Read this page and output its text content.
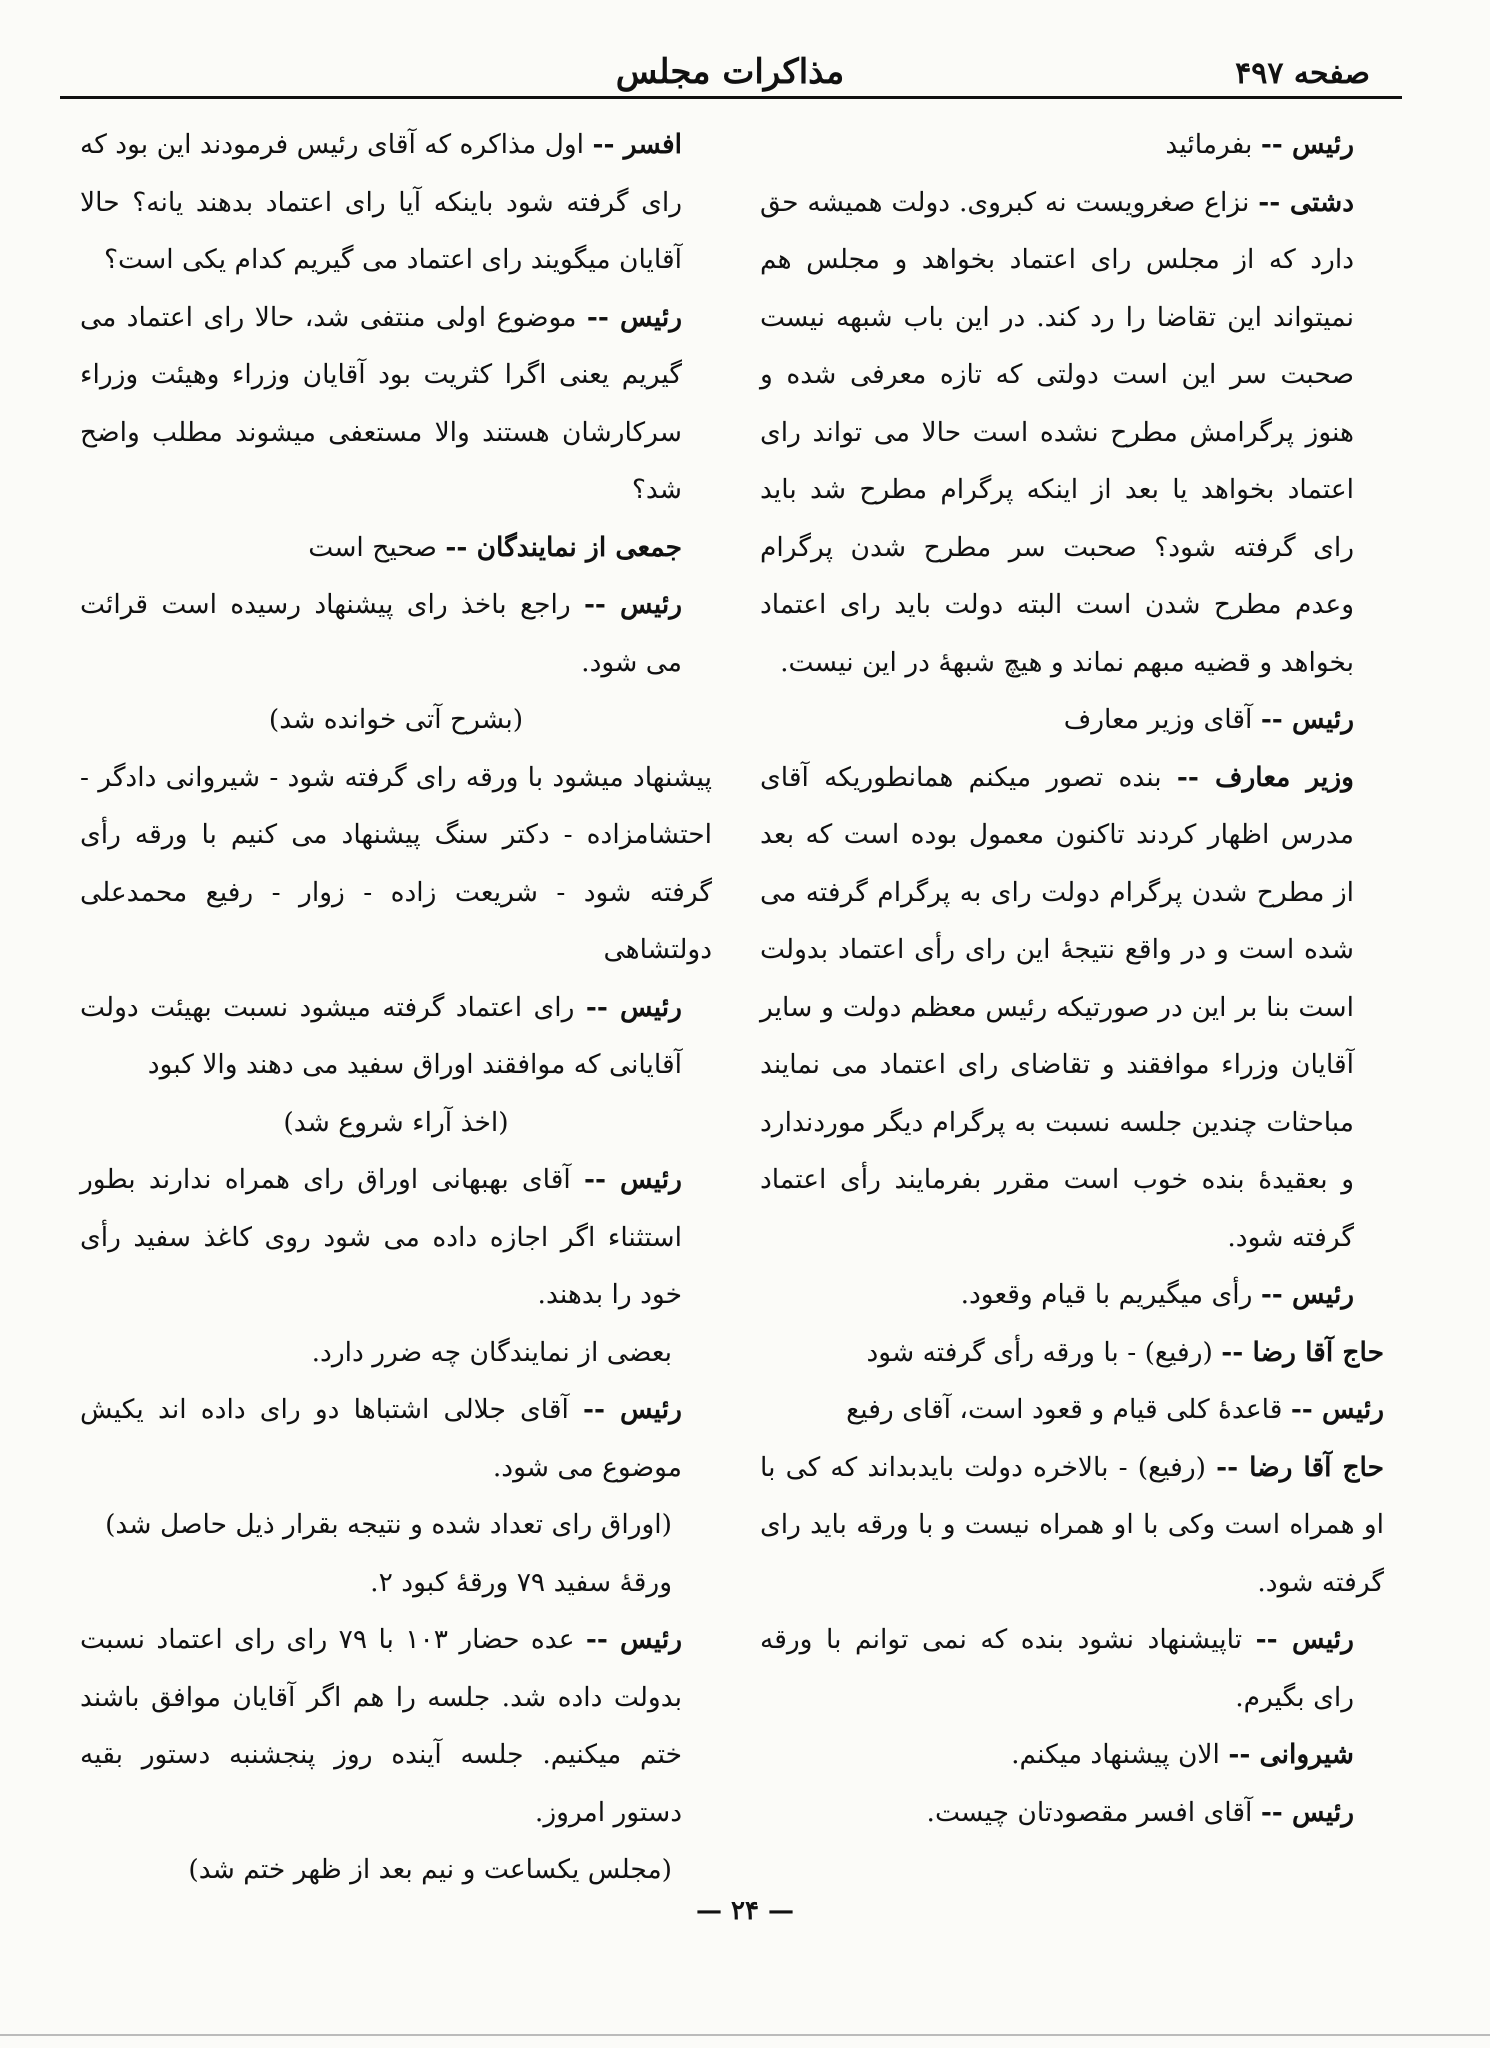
صفحه ۴۹۷
مذاکرات مجلس

رئیس -- بفرمائید

دشتی -- نزاع صغرویست نه کبروی. دولت همیشه حق دارد که از مجلس رای اعتماد بخواهد و مجلس هم نمیتواند این تقاضا را رد کند. در این باب شبهه نیست صحبت سر این است دولتی که تازه معرفی شده و هنوز پرگرامش مطرح نشده است حالا می تواند رای اعتماد بخواهد یا بعد از اینکه پرگرام مطرح شد باید رای گرفته شود؟ صحبت سر مطرح شدن پرگرام وعدم مطرح شدن است البته دولت باید رای اعتماد بخواهد و قضیه مبهم نماند و هیچ شبهۀ در این نیست.

رئیس -- آقای وزیر معارف

وزیر معارف -- بنده تصور میکنم همانطوریکه آقای مدرس اظهار کردند تاکنون معمول بوده است که بعد از مطرح شدن پرگرام دولت رای به پرگرام گرفته می شده است و در واقع نتیجۀ این رای رأی اعتماد بدولت است بنا بر این در صورتیکه رئیس معظم دولت و سایر آقایان وزراء موافقند و تقاضای رای اعتماد می نمایند مباحثات چندین جلسه نسبت به پرگرام دیگر موردندارد و بعقیدۀ بنده خوب است مقرر بفرمایند رأی اعتماد گرفته شود.

رئیس -- رأی میگیریم با قیام وقعود.

حاج آقا رضا -- (رفیع) - با ورقه رأی گرفته شود

رئیس -- قاعدۀ کلی قیام و قعود است، آقای رفیع

حاج آقا رضا -- (رفیع) - بالاخره دولت بایدبداند که کی با او همراه است وکی با او همراه نیست و با ورقه باید رای گرفته شود.

رئیس -- تاپیشنهاد نشود بنده که نمی توانم با ورقه رای بگیرم.

شیروانی -- الان پیشنهاد میکنم.

رئیس -- آقای افسر مقصودتان چیست.

افسر -- اول مذاکره که آقای رئیس فرمودند این بود که رای گرفته شود باینکه آیا رای اعتماد بدهند یانه؟ حالا آقایان میگویند رای اعتماد می گیریم کدام یکی است؟

رئیس -- موضوع اولی منتفی شد، حالا رای اعتماد می گیریم یعنی اگرا کثریت بود آقایان وزراء وهیئت وزراء سرکارشان هستند والا مستعفی میشوند مطلب واضح شد؟

جمعی از نمایندگان -- صحیح است

رئیس -- راجع باخذ رای پیشنهاد رسیده است قرائت می شود.

(بشرح آتی خوانده شد)

پیشنهاد میشود با ورقه رای گرفته شود - شیروانی دادگر - احتشامزاده - دکتر سنگ پیشنهاد می کنیم با ورقه رأی گرفته شود - شریعت زاده - زوار - رفیع محمدعلی دولتشاهی

رئیس -- رای اعتماد گرفته میشود نسبت بهیئت دولت آقایانی که موافقند اوراق سفید می دهند والا کبود

(اخذ آراء شروع شد)

رئیس -- آقای بهبهانی اوراق رای همراه ندارند بطور استثناء اگر اجازه داده می شود روی کاغذ سفید رأی خود را بدهند.

بعضی از نمایندگان چه ضرر دارد.

رئیس -- آقای جلالی اشتباها دو رای داده اند یکیش موضوع می شود.

(اوراق رای تعداد شده و نتیجه بقرار ذیل حاصل شد)

ورقۀ سفید ۷۹ ورقۀ کبود ۲.

رئیس -- عده حضار ۱۰۳ با ۷۹ رای رای اعتماد نسبت بدولت داده شد. جلسه را هم اگر آقایان موافق باشند ختم میکنیم. جلسه آینده روز پنجشنبه دستور بقیه دستور امروز.

(مجلس یکساعت و نیم بعد از ظهر ختم شد)

— ۲۴ —
